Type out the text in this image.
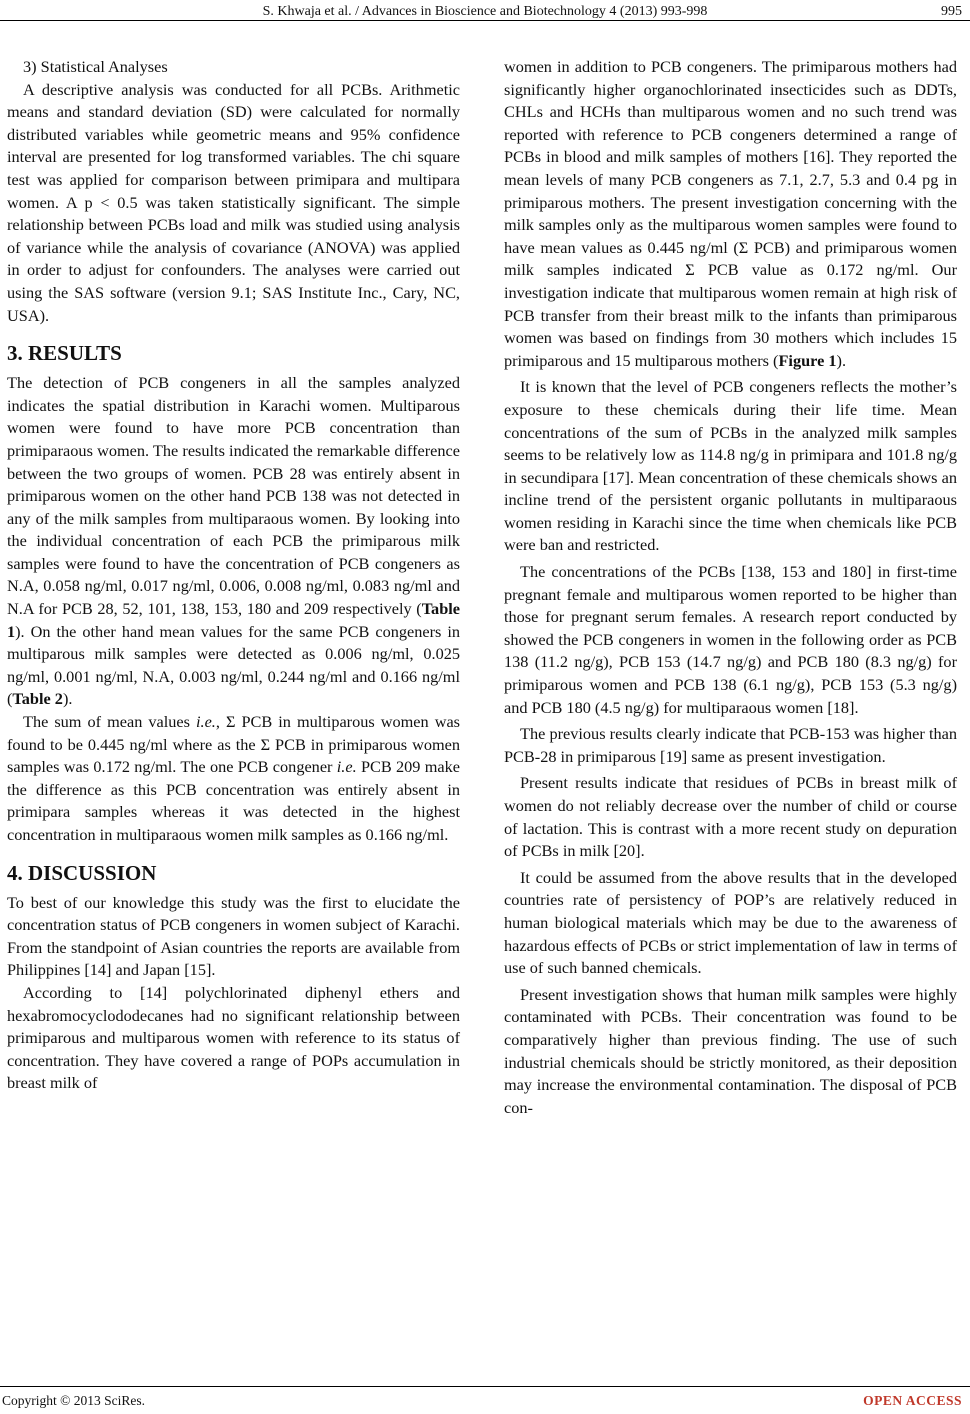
S. Khwaja et al. / Advances in Bioscience and Biotechnology 4 (2013) 993-998	995

3) Statistical Analyses

A descriptive analysis was conducted for all PCBs. Arithmetic means and standard deviation (SD) were calculated for normally distributed variables while geometric means and 95% confidence interval are presented for log transformed variables. The chi square test was applied for comparison between primipara and multipara women. A p < 0.5 was taken statistically significant. The simple relationship between PCBs load and milk was studied using analysis of variance while the analysis of covariance (ANOVA) was applied in order to adjust for confounders. The analyses were carried out using the SAS software (version 9.1; SAS Institute Inc., Cary, NC, USA).

3. RESULTS

The detection of PCB congeners in all the samples analyzed indicates the spatial distribution in Karachi women. Multiparous women were found to have more PCB concentration than primiparaous women. The results indicated the remarkable difference between the two groups of women. PCB 28 was entirely absent in primiparous women on the other hand PCB 138 was not detected in any of the milk samples from multiparaous women. By looking into the individual concentration of each PCB the primiparous milk samples were found to have the concentration of PCB congeners as N.A, 0.058 ng/ml, 0.017 ng/ml, 0.006, 0.008 ng/ml, 0.083 ng/ml and N.A for PCB 28, 52, 101, 138, 153, 180 and 209 respectively (Table 1). On the other hand mean values for the same PCB congeners in multiparous milk samples were detected as 0.006 ng/ml, 0.025 ng/ml, 0.001 ng/ml, N.A, 0.003 ng/ml, 0.244 ng/ml and 0.166 ng/ml (Table 2).

The sum of mean values i.e., Σ PCB in multiparous women was found to be 0.445 ng/ml where as the Σ PCB in primiparous women samples was 0.172 ng/ml. The one PCB congener i.e. PCB 209 make the difference as this PCB concentration was entirely absent in primipara samples whereas it was detected in the highest concentration in multiparaous women milk samples as 0.166 ng/ml.

4. DISCUSSION

To best of our knowledge this study was the first to elucidate the concentration status of PCB congeners in women subject of Karachi. From the standpoint of Asian countries the reports are available from Philippines [14] and Japan [15].

According to [14] polychlorinated diphenyl ethers and hexabromocyclododecanes had no significant relationship between primiparous and multiparous women with reference to its status of concentration. They have covered a range of POPs accumulation in breast milk of

women in addition to PCB congeners. The primiparous mothers had significantly higher organochlorinated insecticides such as DDTs, CHLs and HCHs than multiparous women and no such trend was reported with reference to PCB congeners determined a range of PCBs in blood and milk samples of mothers [16]. They reported the mean levels of many PCB congeners as 7.1, 2.7, 5.3 and 0.4 pg in primiparous mothers. The present investigation concerning with the milk samples only as the multiparous women samples were found to have mean values as 0.445 ng/ml (Σ PCB) and primiparous women milk samples indicated Σ PCB value as 0.172 ng/ml. Our investigation indicate that multiparous women remain at high risk of PCB transfer from their breast milk to the infants than primiparous women was based on findings from 30 mothers which includes 15 primiparous and 15 multiparous mothers (Figure 1).

It is known that the level of PCB congeners reflects the mother’s exposure to these chemicals during their life time. Mean concentrations of the sum of PCBs in the analyzed milk samples seems to be relatively low as 114.8 ng/g in primipara and 101.8 ng/g in secundipara [17]. Mean concentration of these chemicals shows an incline trend of the persistent organic pollutants in multiparaous women residing in Karachi since the time when chemicals like PCB were ban and restricted.

The concentrations of the PCBs [138, 153 and 180] in first-time pregnant female and multiparous women reported to be higher than those for pregnant serum females. A research report conducted by showed the PCB congeners in women in the following order as PCB 138 (11.2 ng/g), PCB 153 (14.7 ng/g) and PCB 180 (8.3 ng/g) for primiparous women and PCB 138 (6.1 ng/g), PCB 153 (5.3 ng/g) and PCB 180 (4.5 ng/g) for multiparaous women [18].

The previous results clearly indicate that PCB-153 was higher than PCB-28 in primiparous [19] same as present investigation.

Present results indicate that residues of PCBs in breast milk of women do not reliably decrease over the number of child or course of lactation. This is contrast with a more recent study on depuration of PCBs in milk [20].

It could be assumed from the above results that in the developed countries rate of persistency of POP’s are relatively reduced in human biological materials which may be due to the awareness of hazardous effects of PCBs or strict implementation of law in terms of use of such banned chemicals.

Present investigation shows that human milk samples were highly contaminated with PCBs. Their concentration was found to be comparatively higher than previous finding. The use of such industrial chemicals should be strictly monitored, as their deposition may increase the environmental contamination. The disposal of PCB con-

Copyright © 2013 SciRes.	OPEN ACCESS
